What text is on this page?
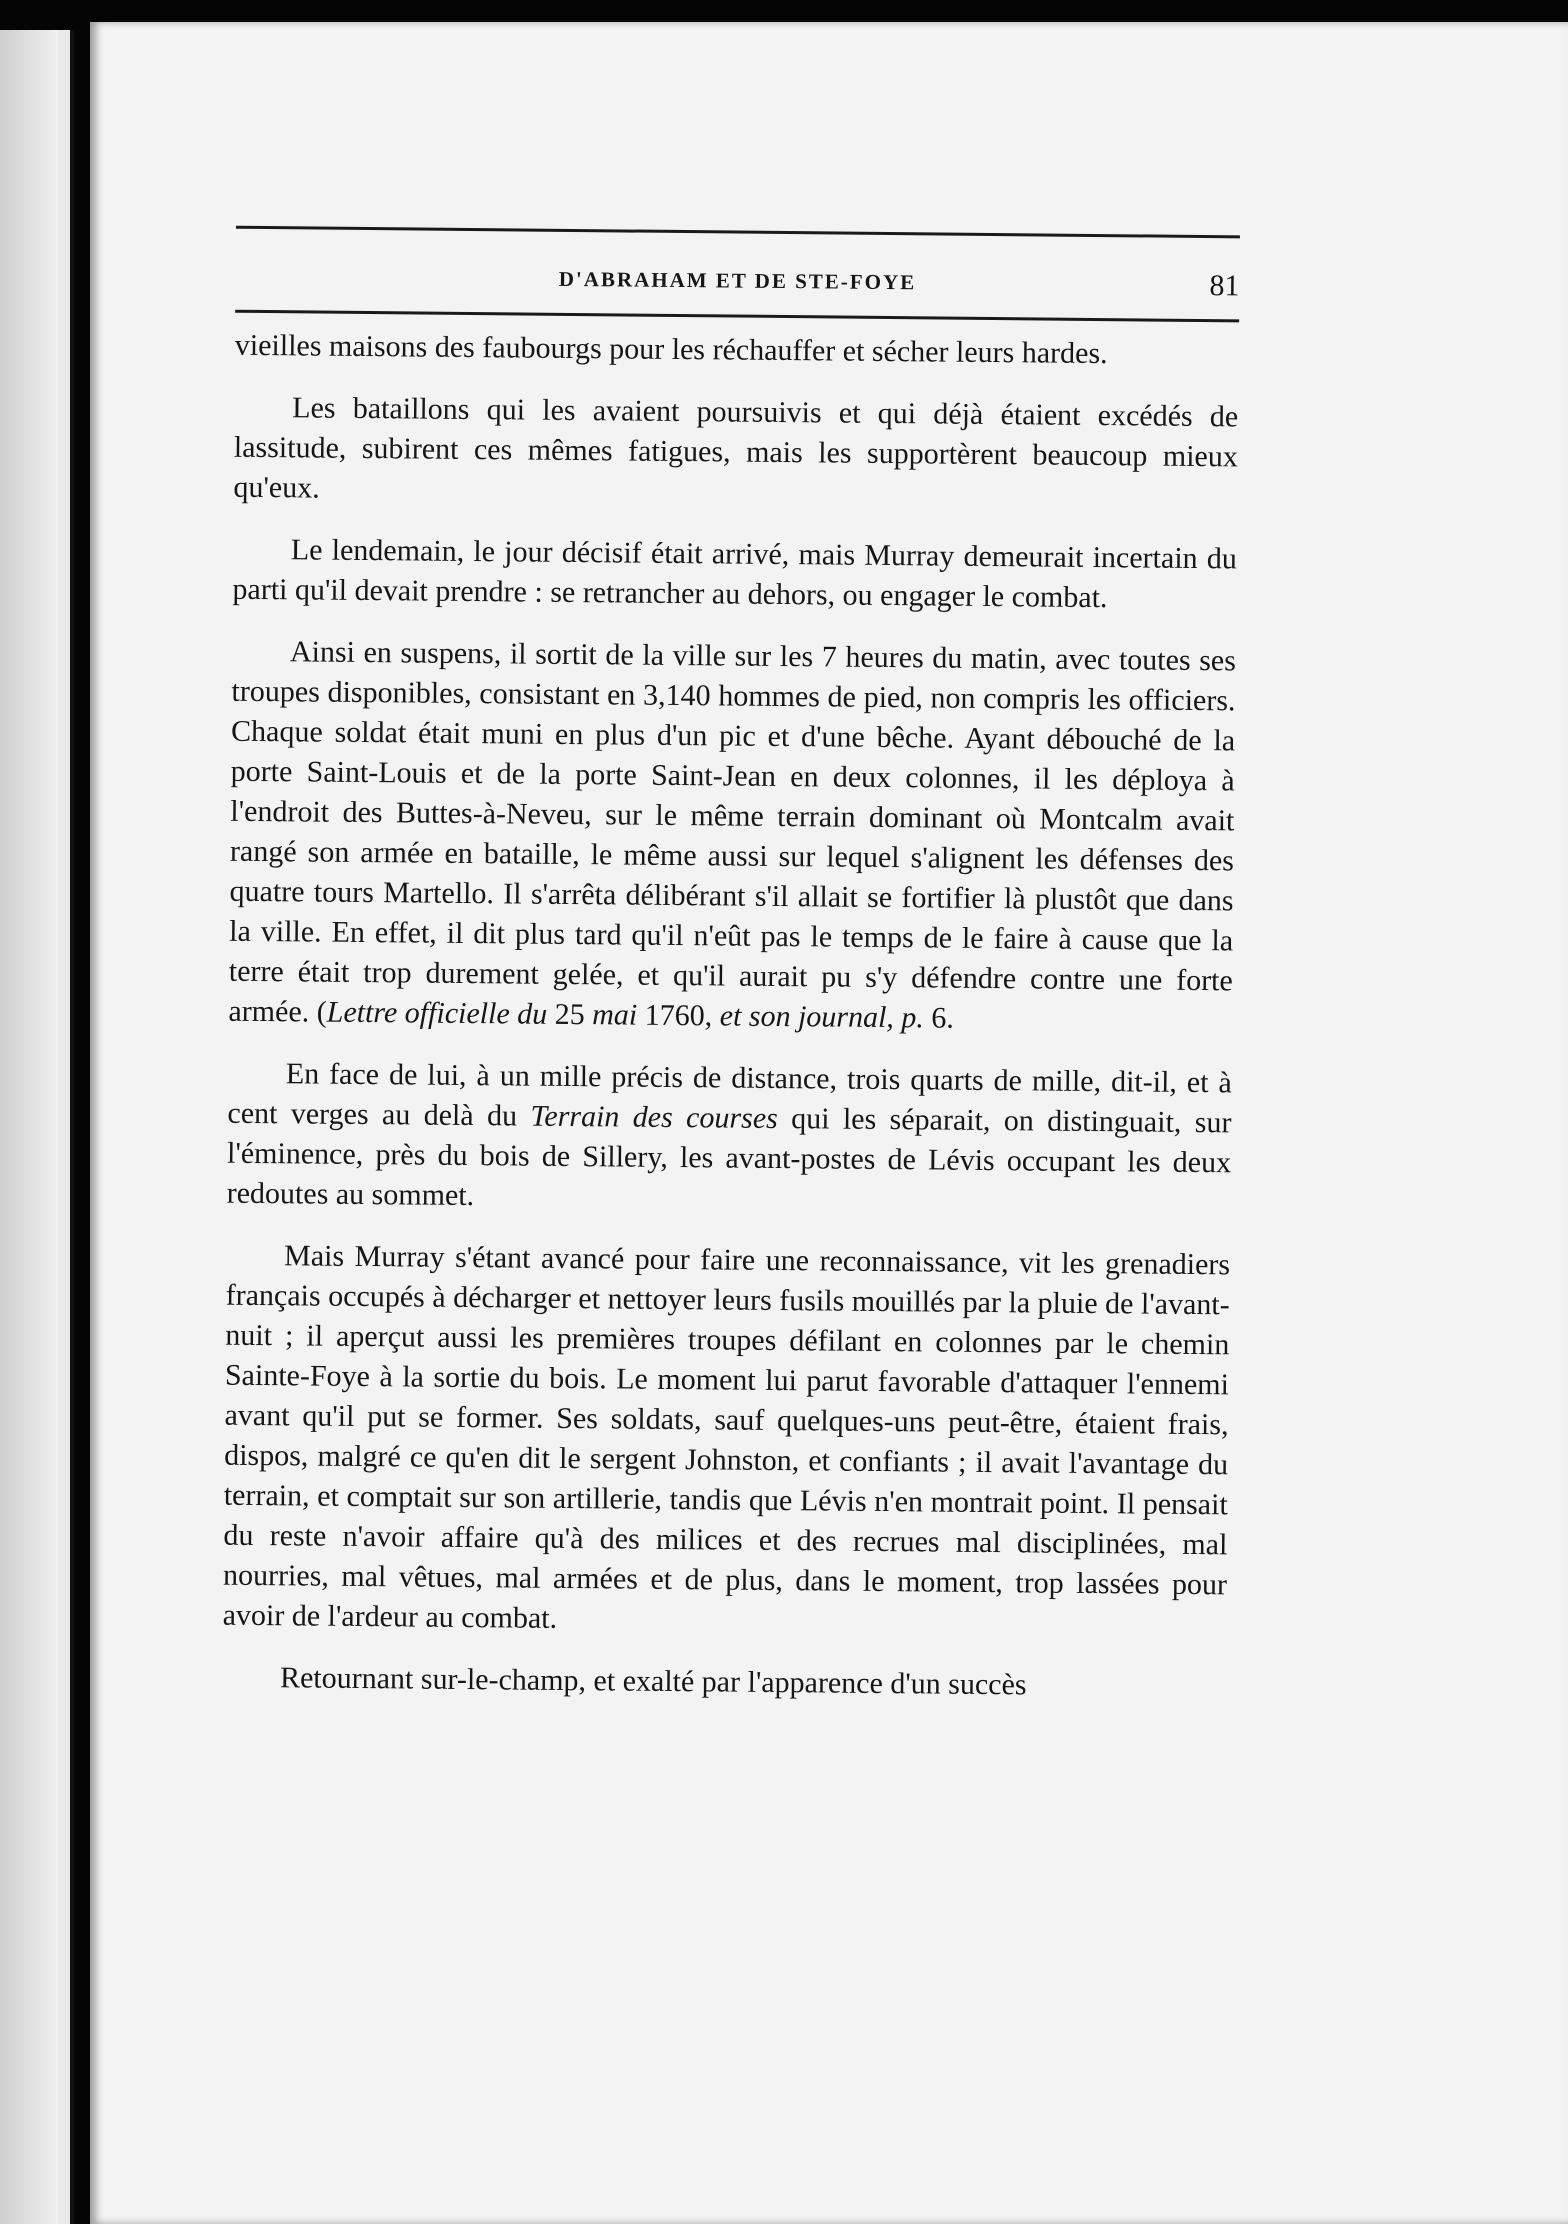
D'ABRAHAM ET DE STE-FOYE	81

vieilles maisons des faubourgs pour les réchauffer et sécher leurs hardes.

Les bataillons qui les avaient poursuivis et qui déjà étaient excédés de lassitude, subirent ces mêmes fatigues, mais les supportèrent beaucoup mieux qu'eux.

Le lendemain, le jour décisif était arrivé, mais Murray demeurait incertain du parti qu'il devait prendre : se retrancher au dehors, ou engager le combat.

Ainsi en suspens, il sortit de la ville sur les 7 heures du matin, avec toutes ses troupes disponibles, consistant en 3,140 hommes de pied, non compris les officiers. Chaque soldat était muni en plus d'un pic et d'une bêche. Ayant débouché de la porte Saint-Louis et de la porte Saint-Jean en deux colonnes, il les déploya à l'endroit des Buttes-à-Neveu, sur le même terrain dominant où Montcalm avait rangé son armée en bataille, le même aussi sur lequel s'alignent les défenses des quatre tours Martello. Il s'arrêta délibérant s'il allait se fortifier là plustôt que dans la ville. En effet, il dit plus tard qu'il n'eût pas le temps de le faire à cause que la terre était trop durement gelée, et qu'il aurait pu s'y défendre contre une forte armée. (Lettre officielle du 25 mai 1760, et son journal, p. 6.

En face de lui, à un mille précis de distance, trois quarts de mille, dit-il, et à cent verges au delà du Terrain des courses qui les séparait, on distinguait, sur l'éminence, près du bois de Sillery, les avant-postes de Lévis occupant les deux redoutes au sommet.

Mais Murray s'étant avancé pour faire une reconnaissance, vit les grenadiers français occupés à décharger et nettoyer leurs fusils mouillés par la pluie de l'avant-nuit ; il aperçut aussi les premières troupes défilant en colonnes par le chemin Sainte-Foye à la sortie du bois. Le moment lui parut favorable d'attaquer l'ennemi avant qu'il put se former. Ses soldats, sauf quelques-uns peut-être, étaient frais, dispos, malgré ce qu'en dit le sergent Johnston, et confiants ; il avait l'avantage du terrain, et comptait sur son artillerie, tandis que Lévis n'en montrait point. Il pensait du reste n'avoir affaire qu'à des milices et des recrues mal disciplinées, mal nourries, mal vêtues, mal armées et de plus, dans le moment, trop lassées pour avoir de l'ardeur au combat.

Retournant sur-le-champ, et exalté par l'apparence d'un succès
